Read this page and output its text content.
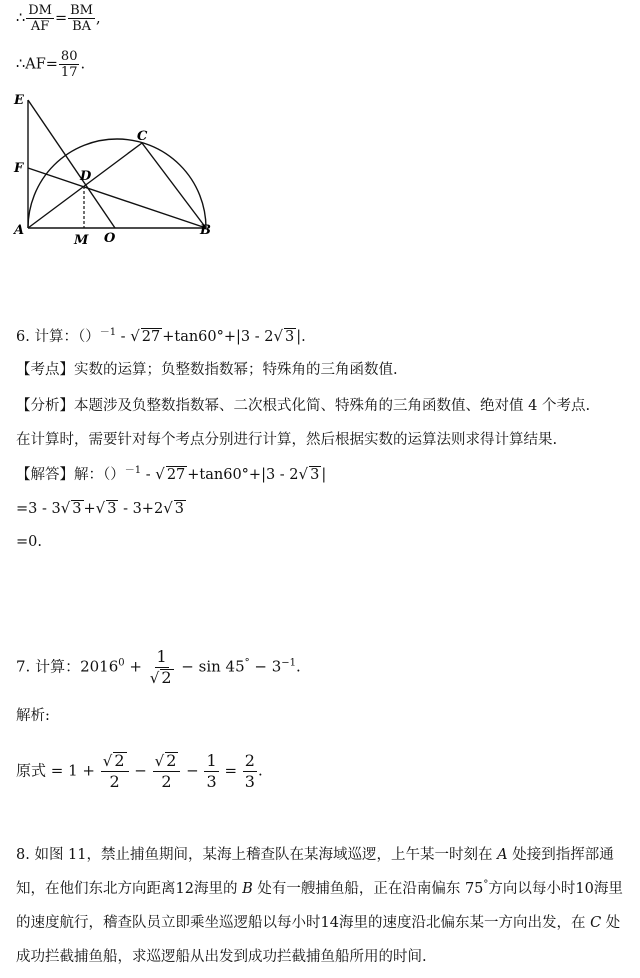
∴ $\frac{DM}{AF} = \frac{BM}{BA}$ ,
∴AF= $\frac{80}{17}$ .
E
F
A
C
D
M O
B
6. 计算：（）$^{-1}$ - √ 27 +tan60°+|3 - 2√ 3 |.
【考点】实数的运算；负整数指数幂；特殊角的三角函数值.
【分析】本题涉及负整数指数幂、二次根式化简、特殊角的三角函数值、绝对值 4 个考点.
在计算时，需要针对每个考点分别进行计算，然后根据实数的运算法则求得计算结果.
【解答】解：（）$^{-1}$ - √ 27 +tan60°+|3 - 2√ 3 |
=3 - 3√ 3 +√ 3 - 3+2√ 3
=0.
7. 计算：$2016^0 + \frac{1}{√ 2} - \sin 45^\circ - 3^{-1}$.
解析:
原式 = $1 + \frac{√ 2}{2} - \frac{√ 2}{2} - \frac{1}{3} = \frac{2}{3}$ .
8. 如图 11，禁止捕鱼期间，某海上稽查队在某海域巡逻，上午某一时刻在 A 处接到指挥部通知，在他们东北方向距离12海里的 B 处有一艘捕鱼船，正在沿南偏东 75°方向以每小时10海里的速度航行，稽查队员立即乘坐巡逻船以每小时14海里的速度沿北偏东某一方向出发，在 C 处成功拦截捕鱼船，求巡逻船从出发到成功拦截捕鱼船所用的时间.
